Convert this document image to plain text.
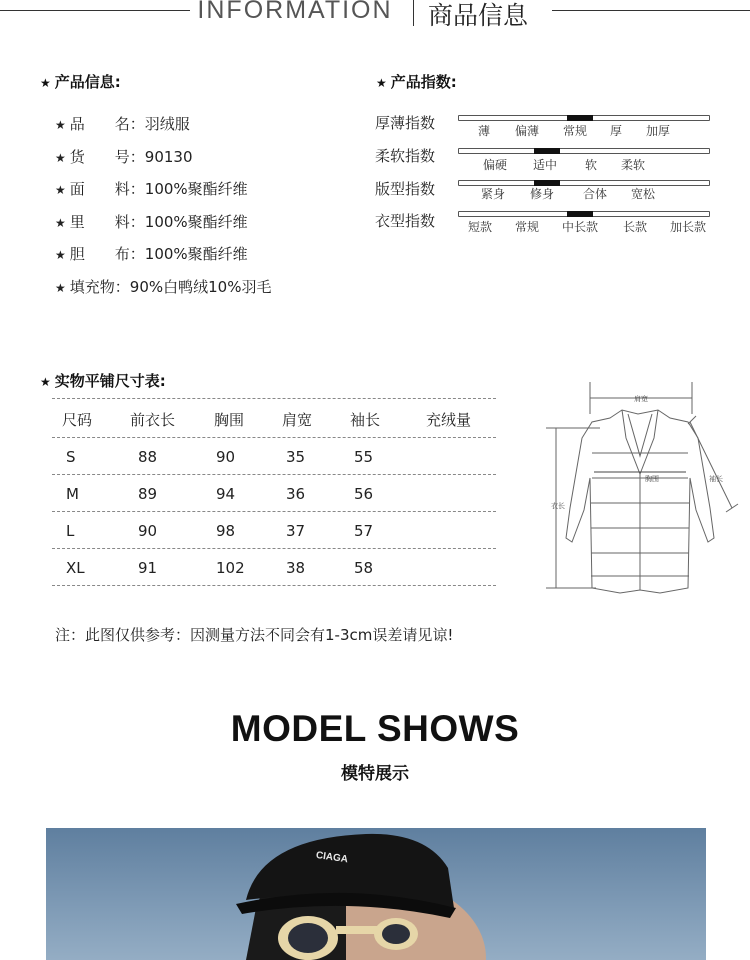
INFORMATION 商品信息
★ 产品信息:
★ 品　　名：羽绒服
★ 货　　号：90130
★ 面　　料：100%聚酯纤维
★ 里　　料：100%聚酯纤维
★ 胆　　布：100%聚酯纤维
★ 填充物：90%白鸭绒10%羽毛
★ 产品指数:
厚薄指数	薄 偏薄 常规 厚 加厚
柔软指数	偏硬 适中 软 柔软
版型指数	紧身 修身 合体 宽松
衣型指数	短款 常规 中长款 长款 加长款
★ 实物平铺尺寸表:
尺码	前衣长	胸围	肩宽	袖长	充绒量
S	88	90	35	55
M	89	94	36	56
L	90	98	37	57
XL	91	102	38	58
肩宽
胸围
衣长
袖长
注：此图仅供参考：因测量方法不同会有1-3cm误差请见谅!
MODEL SHOWS
模特展示
CIAGA
